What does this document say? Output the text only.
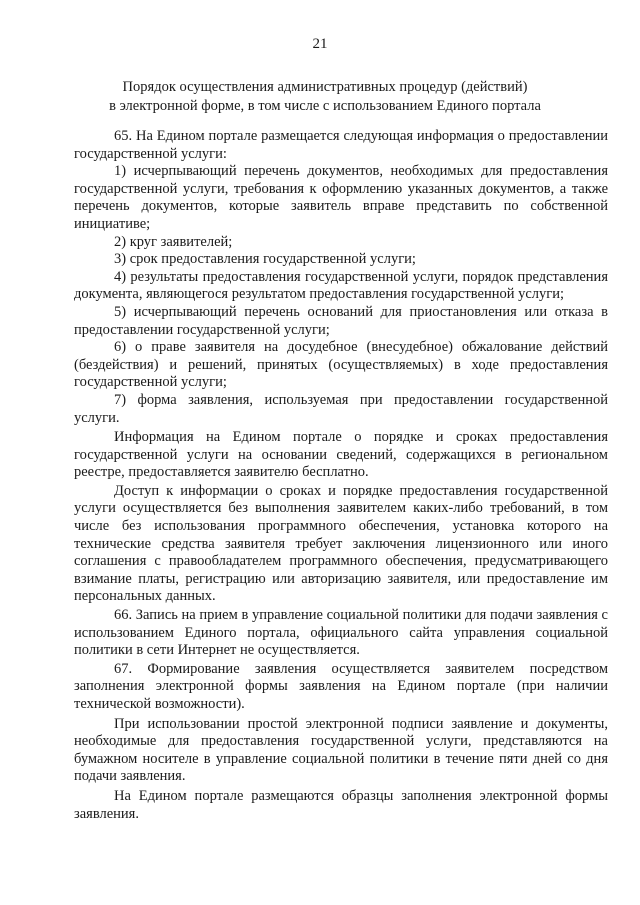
21
Порядок осуществления административных процедур (действий)
в электронной форме, в том числе с использованием Единого портала

65. На Едином портале размещается следующая информация о предоставлении государственной услуги:

1) исчерпывающий перечень документов, необходимых для предоставления государственной услуги, требования к оформлению указанных документов, а также перечень документов, которые заявитель вправе представить по собственной инициативе;

2) круг заявителей;

3) срок предоставления государственной услуги;

4) результаты предоставления государственной услуги, порядок представления документа, являющегося результатом предоставления государственной услуги;

5) исчерпывающий перечень оснований для приостановления или отказа в предоставлении государственной услуги;

6) о праве заявителя на досудебное (внесудебное) обжалование действий (бездействия) и решений, принятых (осуществляемых) в ходе предоставления государственной услуги;

7) форма заявления, используемая при предоставлении государственной услуги.

Информация на Едином портале о порядке и сроках предоставления государственной услуги на основании сведений, содержащихся в региональном реестре, предоставляется заявителю бесплатно.

Доступ к информации о сроках и порядке предоставления государственной услуги осуществляется без выполнения заявителем каких-либо требований, в том числе без использования программного обеспечения, установка которого на технические средства заявителя требует заключения лицензионного или иного соглашения с правообладателем программного обеспечения, предусматривающего взимание платы, регистрацию или авторизацию заявителя, или предоставление им персональных данных.

66. Запись на прием в управление социальной политики для подачи заявления с использованием Единого портала, официального сайта управления социальной политики в сети Интернет не осуществляется.

67. Формирование заявления осуществляется заявителем посредством заполнения электронной формы заявления на Едином портале (при наличии технической возможности).

При использовании простой электронной подписи заявление и документы, необходимые для предоставления государственной услуги, представляются на бумажном носителе в управление социальной политики в течение пяти дней со дня подачи заявления.

На Едином портале размещаются образцы заполнения электронной формы заявления.
